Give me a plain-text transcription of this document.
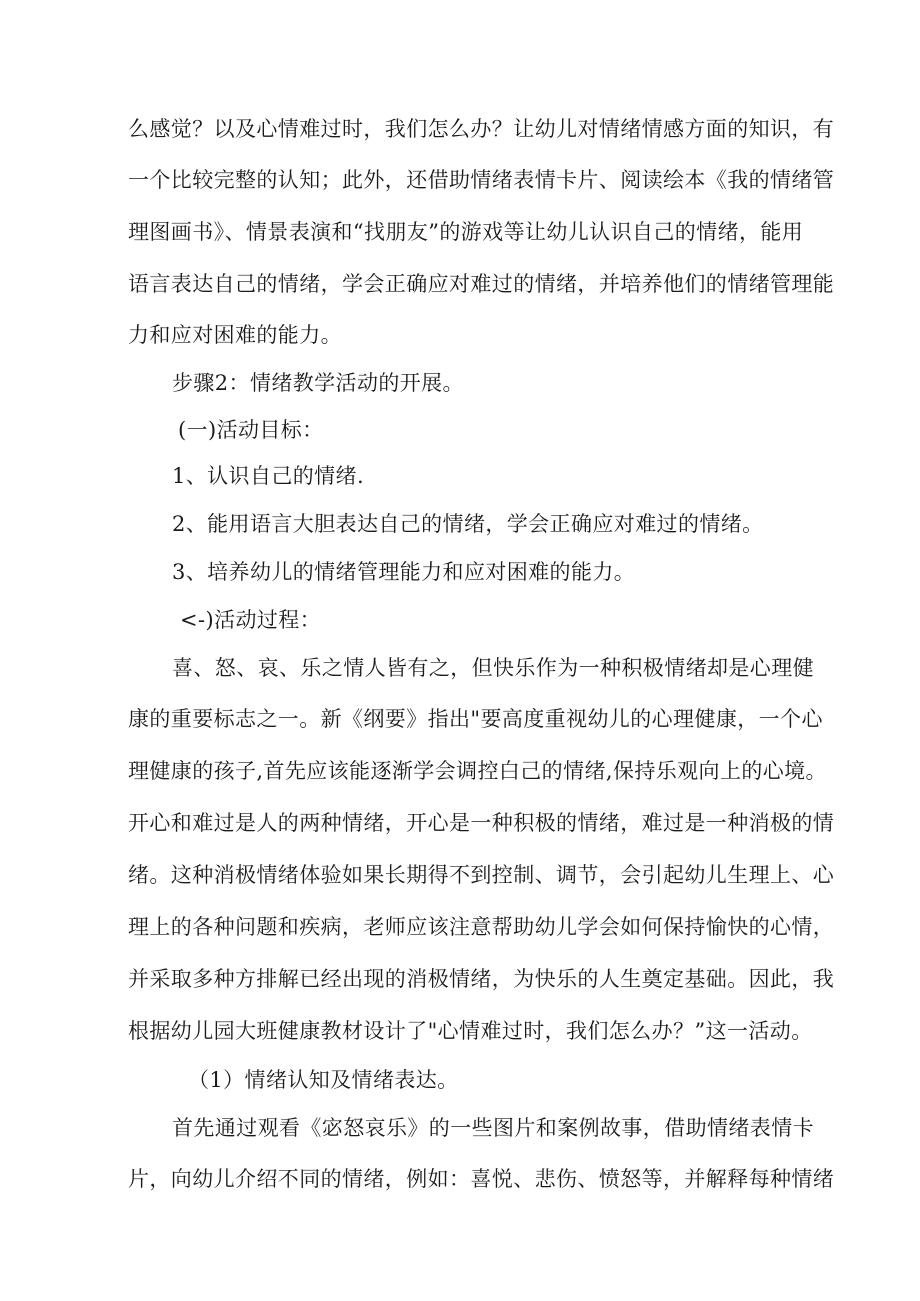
么感觉？以及心情难过时，我们怎么办？让幼儿对情绪情感方面的知识，有
一个比较完整的认知；此外，还借助情绪表情卡片、阅读绘本《我的情绪管
理图画书》、情景表演和“找朋友”的游戏等让幼儿认识自己的情绪，能用
语言表达自己的情绪，学会正确应对难过的情绪，并培养他们的情绪管理能
力和应对困难的能力。
步骤2：情绪教学活动的开展。
(一)活动目标：
1、认识自己的情绪.
2、能用语言大胆表达自己的情绪，学会正确应对难过的情绪。
3、培养幼儿的情绪管理能力和应对困难的能力。
<-)活动过程：
喜、怒、哀、乐之情人皆有之，但快乐作为一种积极情绪却是心理健
康的重要标志之一。新《纲要》指出"要高度重视幼儿的心理健康，一个心
理健康的孩子,首先应该能逐渐学会调控白己的情绪,保持乐观向上的心境。
开心和难过是人的两种情绪，开心是一种积极的情绪，难过是一种消极的情
绪。这种消极情绪体验如果长期得不到控制、调节，会引起幼儿生理上、心
理上的各种问题和疾病，老师应该注意帮助幼儿学会如何保持愉快的心情，
并采取多种方排解已经出现的消极情绪，为快乐的人生奠定基础。因此，我
根据幼儿园大班健康教材设计了"心情难过时，我们怎么办？”这一活动。
（1）情绪认知及情绪表达。
首先通过观看《宓怒哀乐》的一些图片和案例故事，借助情绪表情卡
片，向幼儿介绍不同的情绪，例如：喜悦、悲伤、愤怒等，并解释每种情绪
